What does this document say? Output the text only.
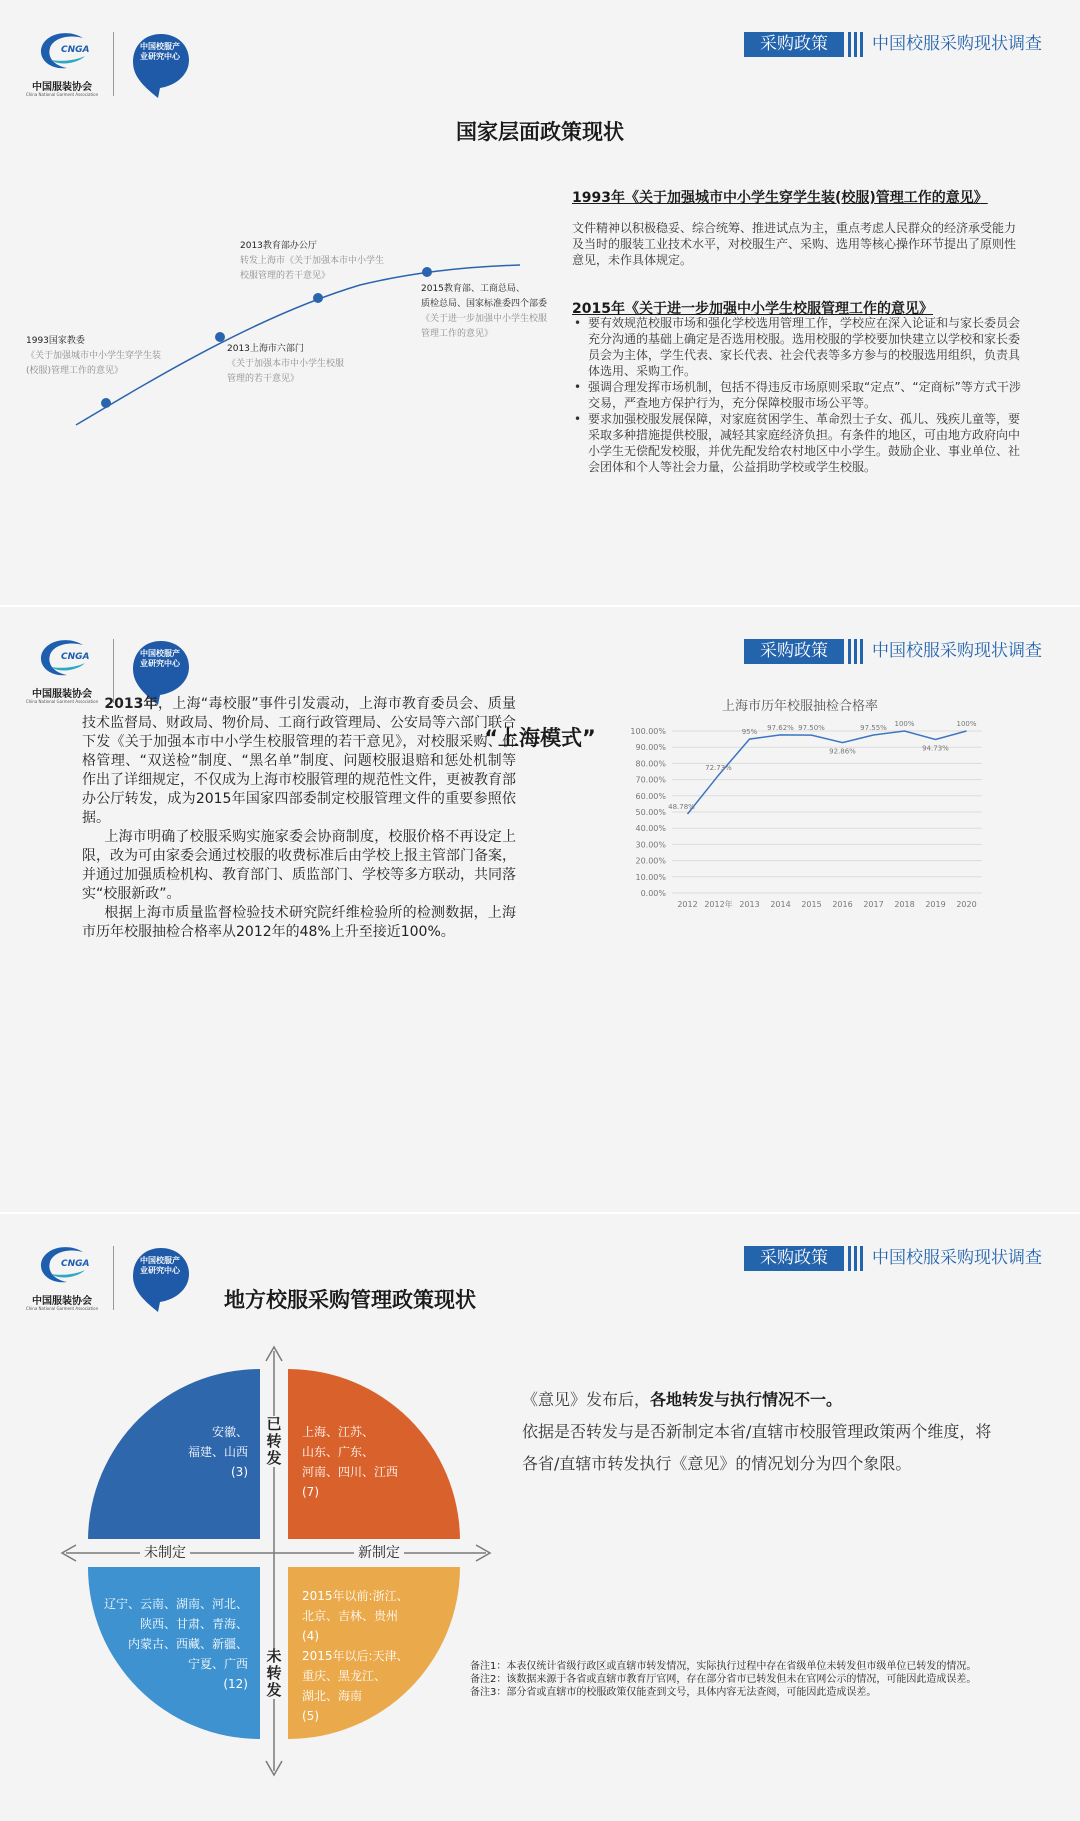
CNGA
中国服装协会
China National Garment Association
中国校服产业研究中心
采购政策	中国校服采购现状调查
国家层面政策现状
1993国家教委
《关于加强城市中小学生穿学生装
(校服)管理工作的意见》
2013上海市六部门
《关于加强本市中小学生校服
管理的若干意见》
2013教育部办公厅
转发上海市《关于加强本市中小学生
校服管理的若干意见》
2015教育部、工商总局、
质检总局、国家标准委四个部委
《关于进一步加强中小学生校服
管理工作的意见》
1993年《关于加强城市中小学生穿学生装(校服)管理工作的意见》
文件精神以积极稳妥、综合统筹、推进试点为主，重点考虑人民群众的经济承受能力及当时的服装工业技术水平，对校服生产、采购、选用等核心操作环节提出了原则性意见，未作具体规定。
2015年《关于进一步加强中小学生校服管理工作的意见》
• 要有效规范校服市场和强化学校选用管理工作，学校应在深入论证和与家长委员会充分沟通的基础上确定是否选用校服。选用校服的学校要加快建立以学校和家长委员会为主体，学生代表、家长代表、社会代表等多方参与的校服选用组织，负责具体选用、采购工作。
• 强调合理发挥市场机制，包括不得违反市场原则采取“定点”、“定商标”等方式干涉交易，严查地方保护行为，充分保障校服市场公平等。
• 要求加强校服发展保障，对家庭贫困学生、革命烈士子女、孤儿、残疾儿童等，要采取多种措施提供校服，减轻其家庭经济负担。有条件的地区，可由地方政府向中小学生无偿配发校服，并优先配发给农村地区中小学生。鼓励企业、事业单位、社会团体和个人等社会力量，公益捐助学校或学生校服。
CNGA
中国服装协会
China National Garment Association
中国校服产业研究中心
采购政策	中国校服采购现状调查
“上海模式”

2013年，上海“毒校服”事件引发震动，上海市教育委员会、质量技术监督局、财政局、物价局、工商行政管理局、公安局等六部门联合下发《关于加强本市中小学生校服管理的若干意见》，对校服采购、价格管理、“双送检”制度、“黑名单”制度、问题校服退赔和惩处机制等作出了详细规定，不仅成为上海市校服管理的规范性文件，更被教育部办公厅转发，成为2015年国家四部委制定校服管理文件的重要参照依据。

上海市明确了校服采购实施家委会协商制度，校服价格不再设定上限，改为可由家委会通过校服的收费标准后由学校上报主管部门备案，并通过加强质检机构、教育部门、质监部门、学校等多方联动，共同落实“校服新政”。

根据上海市质量监督检验技术研究院纤维检验所的检测数据，上海市历年校服抽检合格率从2012年的48%上升至接近100%。

上海市历年校服抽检合格率
0.00%
10.00%
20.00%
30.00%
40.00%
50.00%
60.00%
70.00%
80.00%
90.00%
100.00%
2012 2012年 2013 2014 2015 2016 2017 2018 2019 2020
48.78%
72.73%
95%
97.62% 97.50%
92.86%
97.55% 100%
94.73%
100%
CNGA
中国服装协会
China National Garment Association
中国校服产业研究中心
采购政策	中国校服采购现状调查
地方校服采购管理政策现状
安徽、
福建、山西
(3)
上海、江苏、
山东、广东、
河南、四川、江西
(7)
辽宁、云南、湖南、河北、
陕西、甘肃、青海、
内蒙古、西藏、新疆、
宁夏、广西
(12)
2015年以前:浙江、
北京、吉林、贵州
(4)
2015年以后:天津、
重庆、黑龙江、
湖北、海南
(5)
已转发
未转发
未制定	新制定
《意见》发布后，各地转发与执行情况不一。
依据是否转发与是否新制定本省/直辖市校服管理政策两个维度，将各省/直辖市转发执行《意见》的情况划分为四个象限。

备注1：本表仅统计省级行政区或直辖市转发情况，实际执行过程中存在省级单位未转发但市级单位已转发的情况。

备注2：该数据来源于各省或直辖市教育厅官网，存在部分省市已转发但未在官网公示的情况，可能因此造成误差。

备注3：部分省或直辖市的校服政策仅能查到文号，具体内容无法查阅，可能因此造成误差。
